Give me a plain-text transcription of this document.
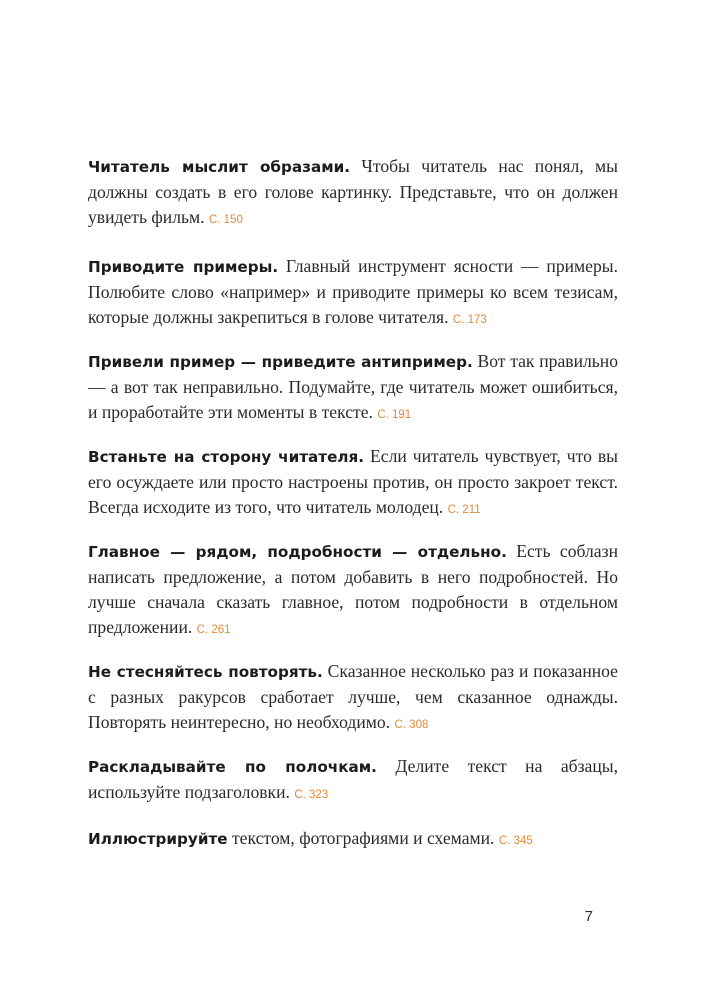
Читатель мыслит образами. Чтобы читатель нас понял, мы должны создать в его голове картинку. Представьте, что он должен увидеть фильм. С. 150

Приводите примеры. Главный инструмент ясности — примеры. Полюбите слово «например» и приводите примеры ко всем тезисам, которые должны закрепиться в голове читателя. С. 173

Привели пример — приведите антипример. Вот так правильно — а вот так неправильно. Подумайте, где читатель может ошибиться, и проработайте эти моменты в тексте. С. 191

Встаньте на сторону читателя. Если читатель чувствует, что вы его осуждаете или просто настроены против, он просто закроет текст. Всегда исходите из того, что читатель молодец. С. 211

Главное — рядом, подробности — отдельно. Есть соблазн написать предложение, а потом добавить в него подробностей. Но лучше сначала сказать главное, потом подробности в отдельном предложении. С. 261

Не стесняйтесь повторять. Сказанное несколько раз и показанное с разных ракурсов сработает лучше, чем сказанное однажды. Повторять неинтересно, но необходимо. С. 308

Раскладывайте по полочкам. Делите текст на абзацы, используйте подзаголовки. С. 323

Иллюстрируйте текстом, фотографиями и схемами. С. 345

7
